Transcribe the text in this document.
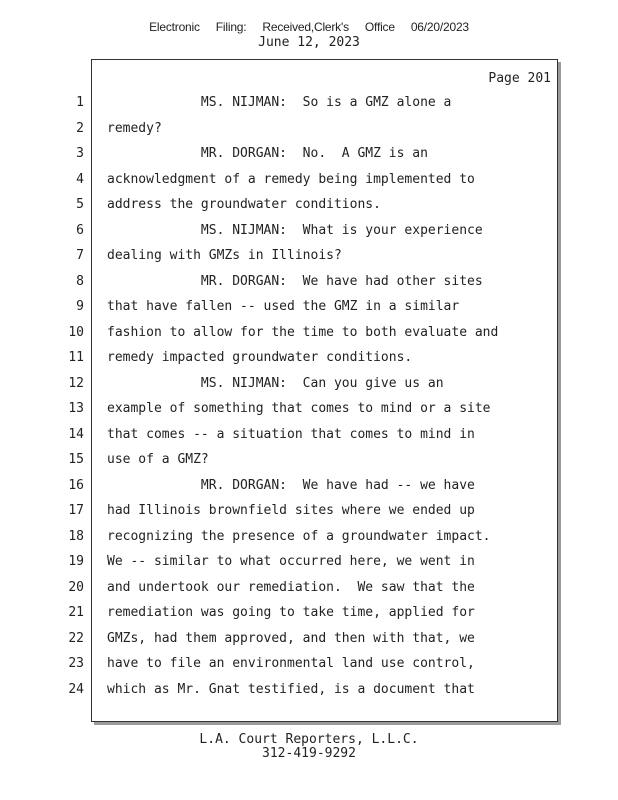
Electronic Filing: Received,Clerk's Office 06/20/2023
June 12, 2023
Page 201
1 MS. NIJMAN:  So is a GMZ alone a
2 remedy?
3 MR. DORGAN:  No.  A GMZ is an
4 acknowledgment of a remedy being implemented to
5 address the groundwater conditions.
6 MS. NIJMAN:  What is your experience
7 dealing with GMZs in Illinois?
8 MR. DORGAN:  We have had other sites
9 that have fallen -- used the GMZ in a similar
10 fashion to allow for the time to both evaluate and
11 remedy impacted groundwater conditions.
12 MS. NIJMAN:  Can you give us an
13 example of something that comes to mind or a site
14 that comes -- a situation that comes to mind in
15 use of a GMZ?
16 MR. DORGAN:  We have had -- we have
17 had Illinois brownfield sites where we ended up
18 recognizing the presence of a groundwater impact.
19 We -- similar to what occurred here, we went in
20 and undertook our remediation.  We saw that the
21 remediation was going to take time, applied for
22 GMZs, had them approved, and then with that, we
23 have to file an environmental land use control,
24 which as Mr. Gnat testified, is a document that
L.A. Court Reporters, L.L.C.
312-419-9292
